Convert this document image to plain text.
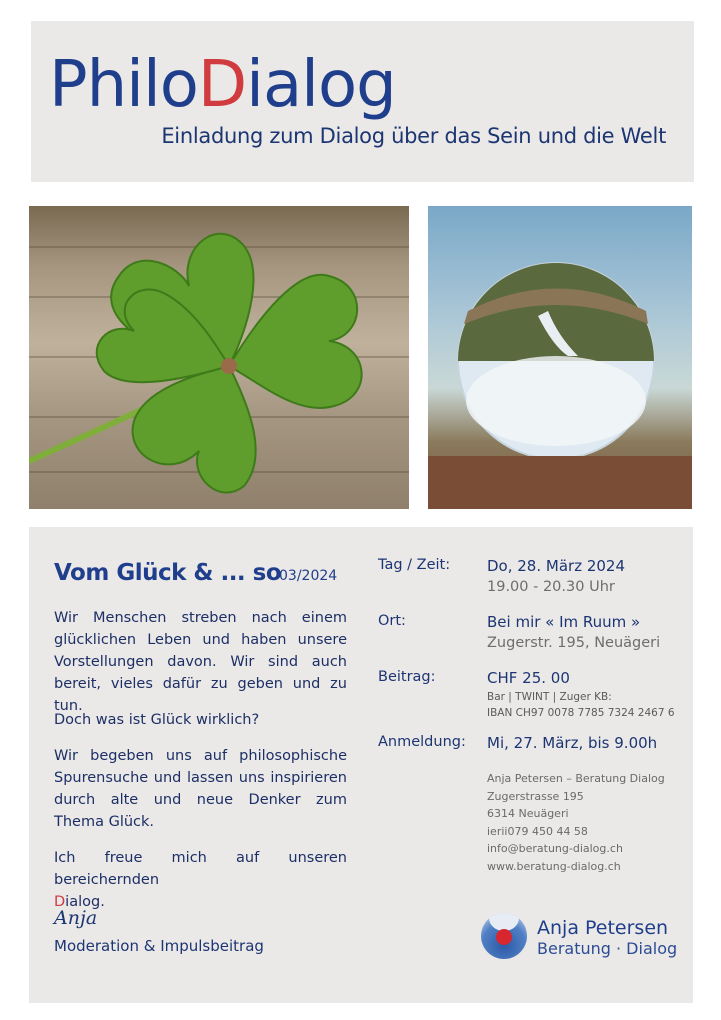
PhiloDialog
Einladung zum Dialog über das Sein und die Welt
Vom Glück & ... so
03/2024

Wir Menschen streben nach einem glücklichen Leben und haben unsere Vorstellungen davon. Wir sind auch bereit, vieles dafür zu geben und zu tun.

Doch was ist Glück wirklich?

Wir begeben uns auf philosophische Spurensuche und lassen uns inspirieren durch alte und neue Denker zum Thema Glück.

Ich freue mich auf unseren bereichernden

Dialog.

Anja
Moderation & Impulsbeitrag
Tag / Zeit: Do, 28. März 2024
19.00 - 20.30 Uhr
Ort:	Bei mir « Im Ruum »
Zugerstr. 195, Neuägeri
Beitrag:	CHF 25. 00
Bar | TWINT | Zuger KB:
IBAN CH97 0078 7785 7324 2467 6
Anmeldung: Mi, 27. März, bis 9.00h
Anja Petersen – Beratung Dialog
Zugerstrasse 195
6314 Neuägeri
ierii079 450 44 58
info@beratung-dialog.ch
www.beratung-dialog.ch
Anja Petersen
Beratung · Dialog
